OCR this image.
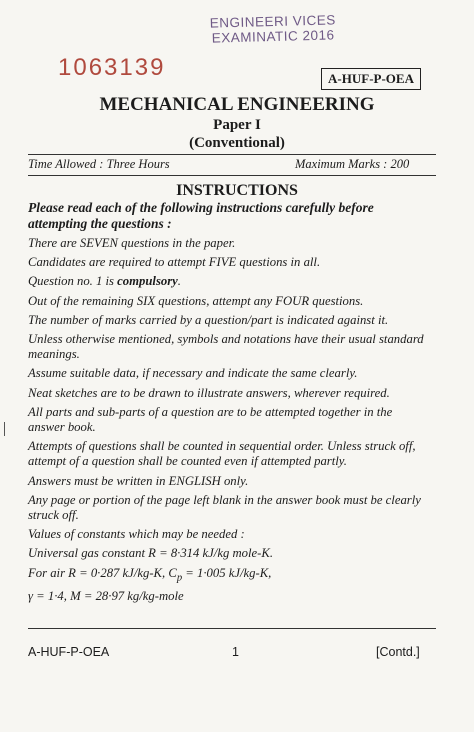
ENGINEERI VICES
EXAMINATIC 2016
1063139	A-HUF-P-OEA
MECHANICAL ENGINEERING
Paper I
(Conventional)
Time Allowed : Three Hours	Maximum Marks : 200
INSTRUCTIONS

Please read each of the following instructions carefully before attempting the questions :

There are SEVEN questions in the paper.

Candidates are required to attempt FIVE questions in all.

Question no. 1 is compulsory.

Out of the remaining SIX questions, attempt any FOUR questions.

The number of marks carried by a question/part is indicated against it.

Unless otherwise mentioned, symbols and notations have their usual standard meanings.

Assume suitable data, if necessary and indicate the same clearly.

Neat sketches are to be drawn to illustrate answers, wherever required.

All parts and sub-parts of a question are to be attempted together in the answer book.

Attempts of questions shall be counted in sequential order. Unless struck off, attempt of a question shall be counted even if attempted partly.

Answers must be written in ENGLISH only.

Any page or portion of the page left blank in the answer book must be clearly struck off.

Values of constants which may be needed :

Universal gas constant R = 8·314 kJ/kg mole-K.

For air R = 0·287 kJ/kg-K, $C_p = 1\cdot 005$ kJ/kg-K,

γ = 1·4, M = 28·97 kg/kg-mole

A-HUF-P-OEA	1	[Contd.]
